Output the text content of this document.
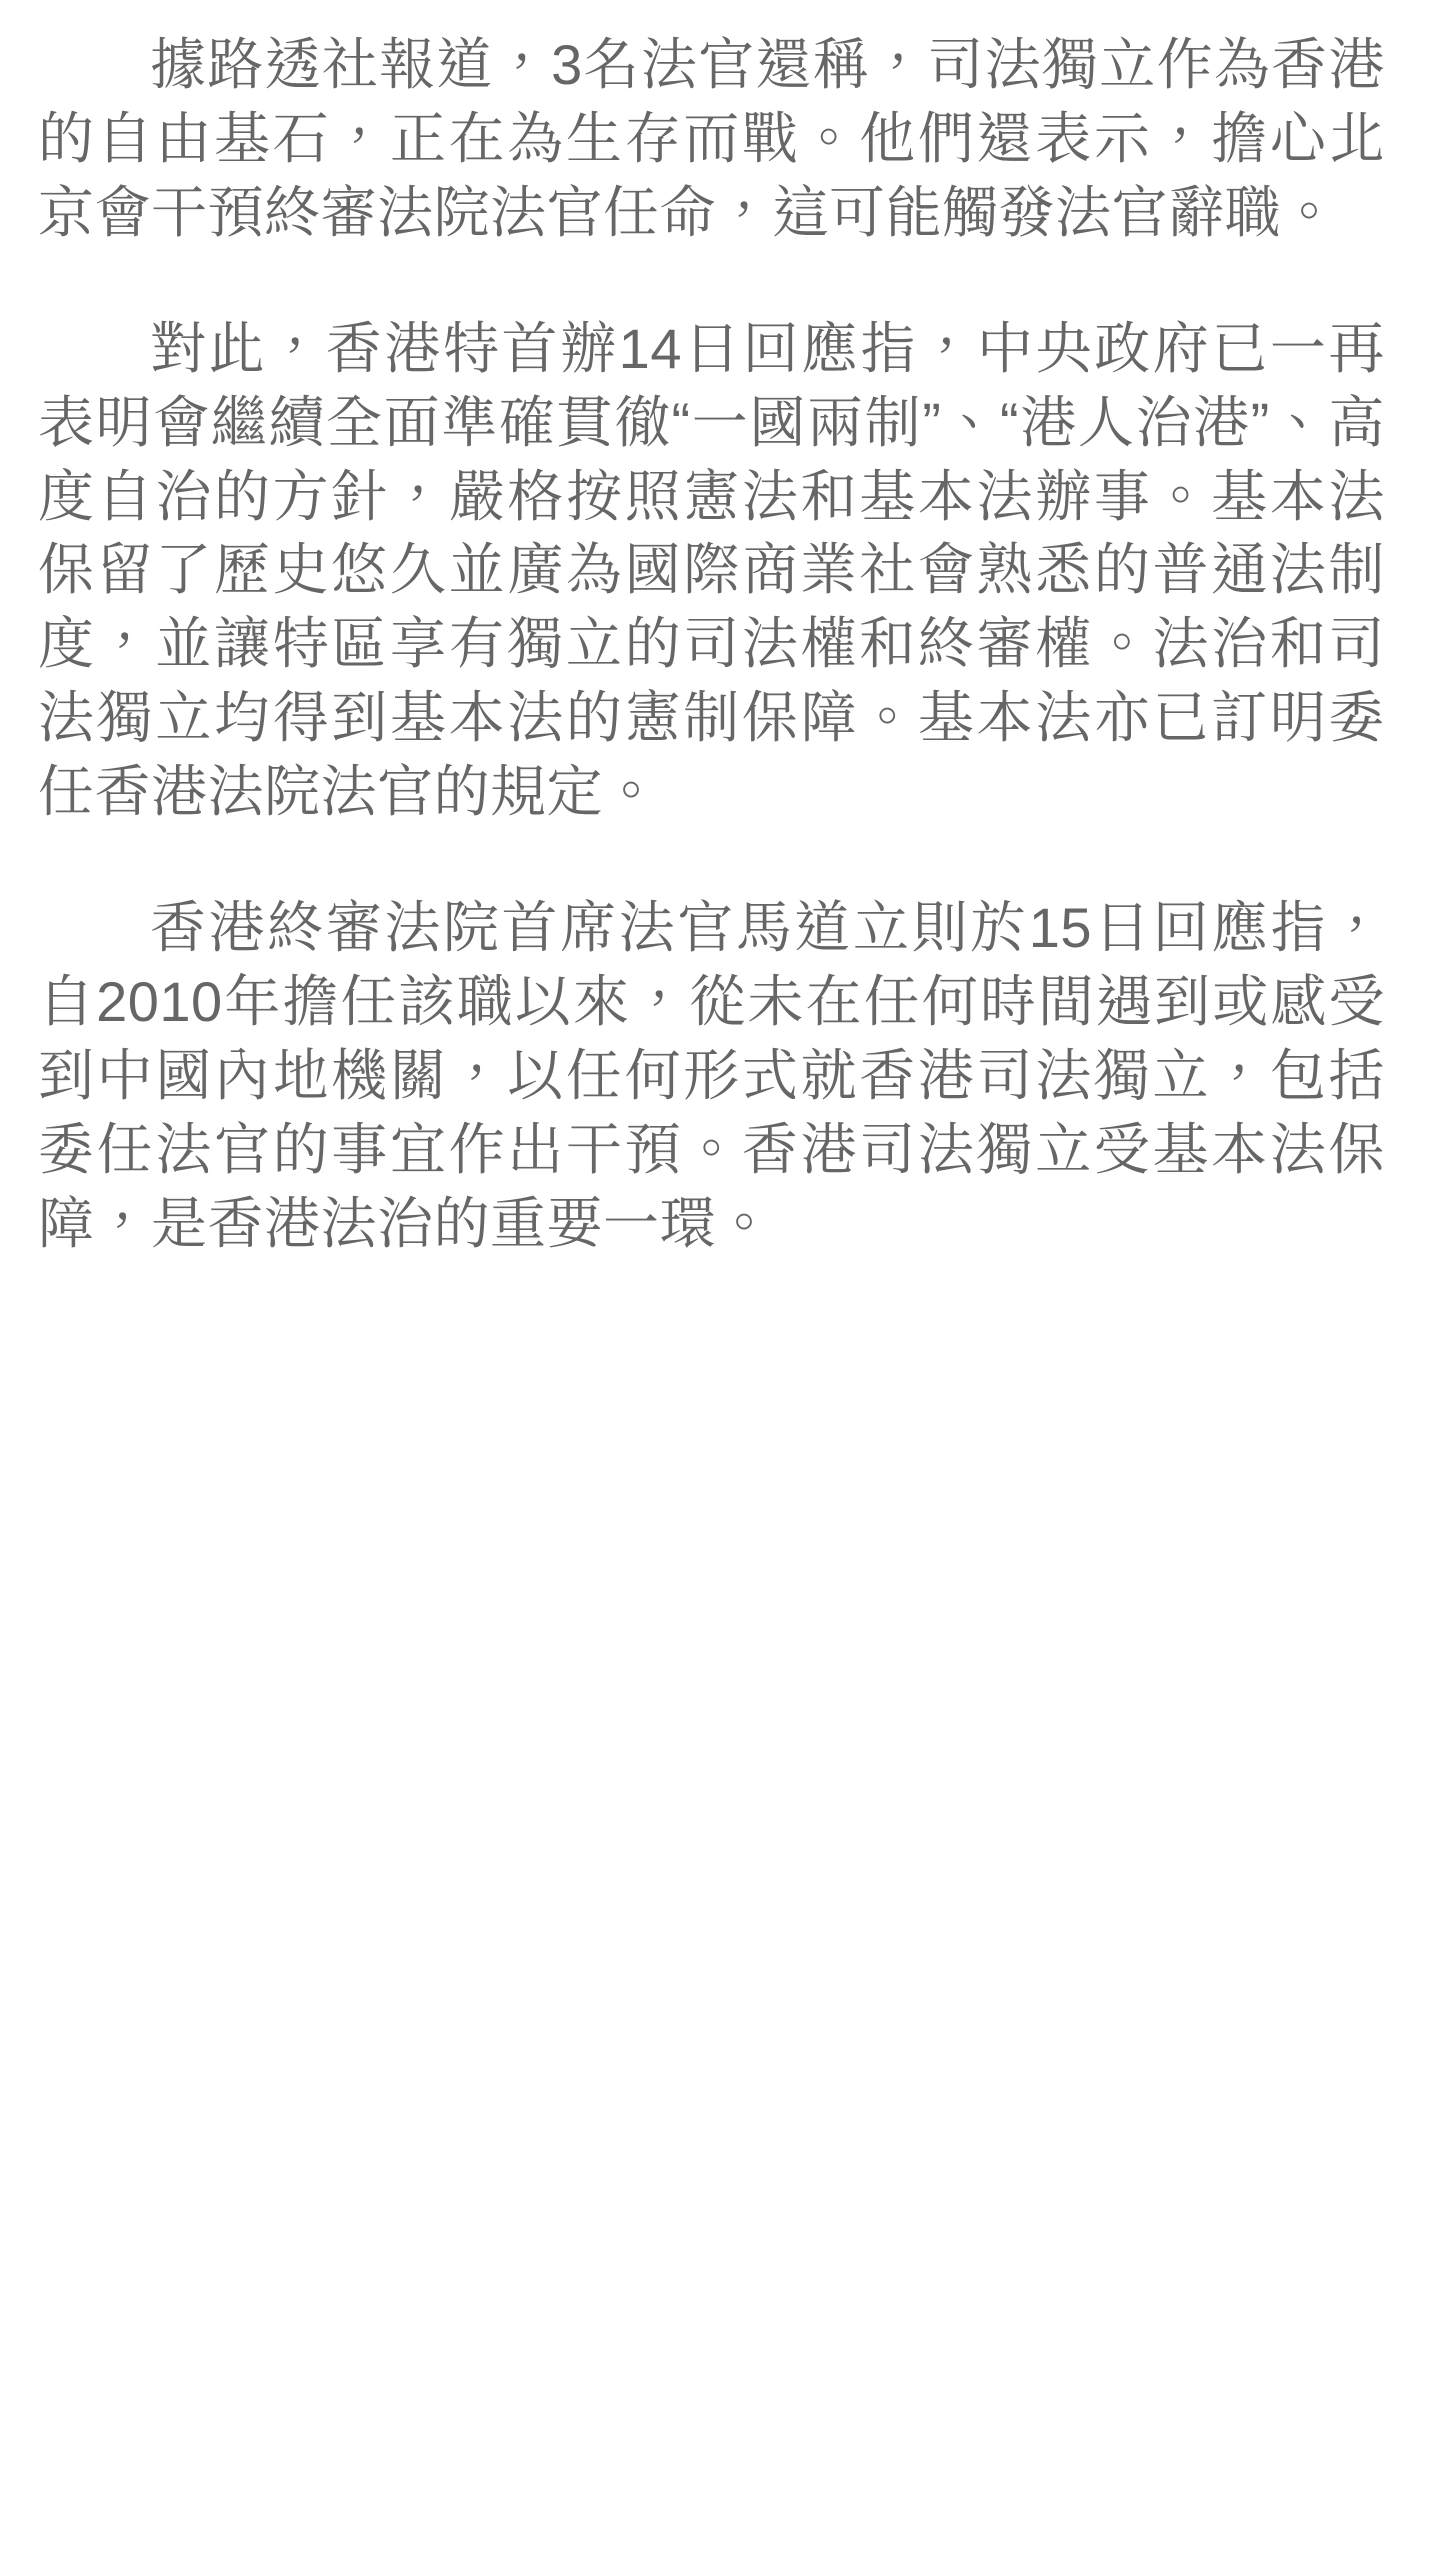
據路透社報道，3名法官還稱，司法獨立作為香港的自由基石，正在為生存而戰。他們還表示，擔心北京會干預終審法院法官任命，這可能觸發法官辭職。

對此，香港特首辦14日回應指，中央政府已一再表明會繼續全面準確貫徹“一國兩制”、“港人治港”、高度自治的方針，嚴格按照憲法和基本法辦事。基本法保留了歷史悠久並廣為國際商業社會熟悉的普通法制度，並讓特區享有獨立的司法權和終審權。法治和司法獨立均得到基本法的憲制保障。基本法亦已訂明委任香港法院法官的規定。

香港終審法院首席法官馬道立則於15日回應指，自2010年擔任該職以來，從未在任何時間遇到或感受到中國內地機關，以任何形式就香港司法獨立，包括委任法官的事宜作出干預。香港司法獨立受基本法保障，是香港法治的重要一環。
